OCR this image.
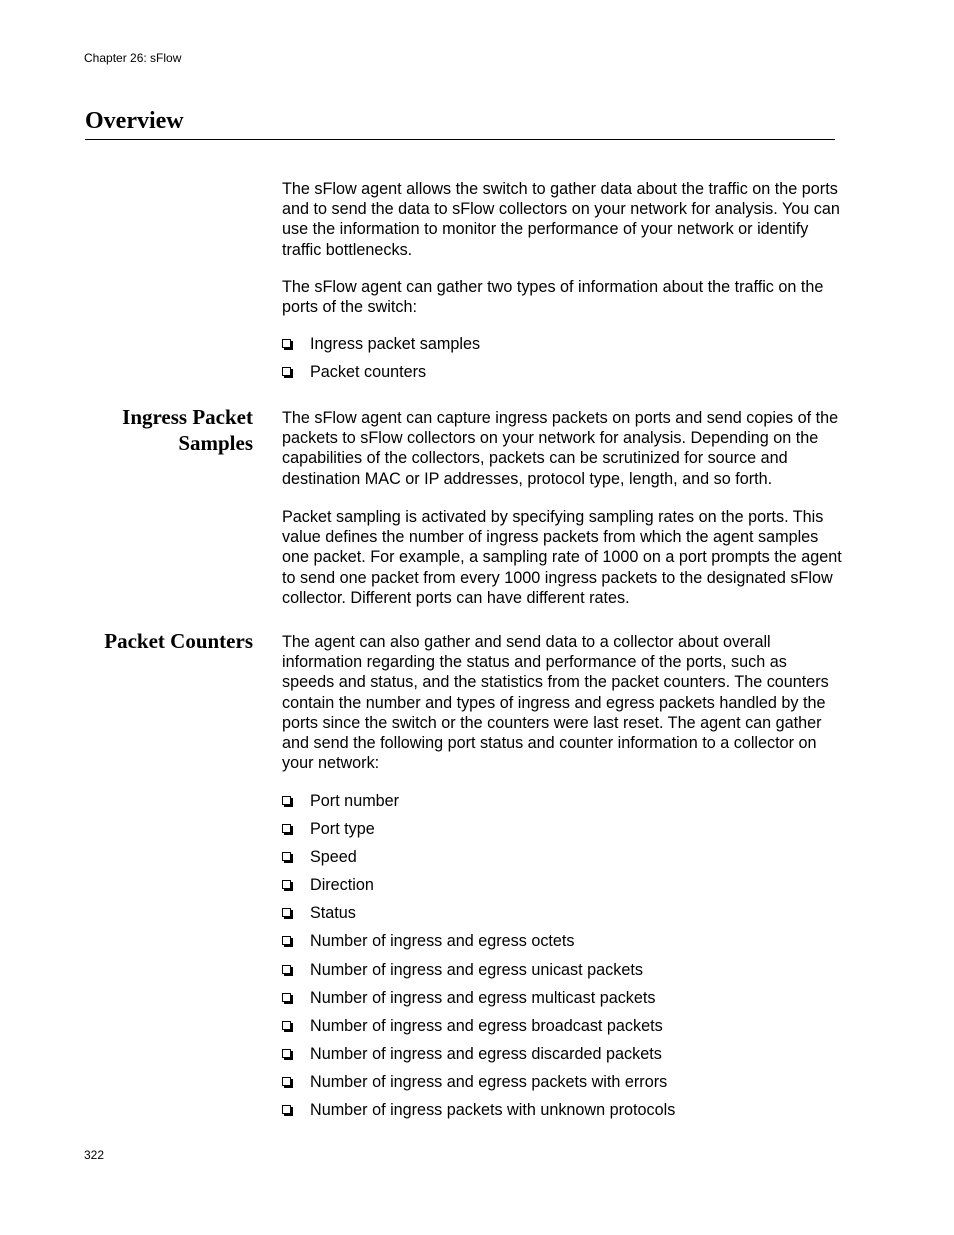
Chapter 26: sFlow
Overview

The sFlow agent allows the switch to gather data about the traffic on the ports and to send the data to sFlow collectors on your network for analysis. You can use the information to monitor the performance of your network or identify traffic bottlenecks.

The sFlow agent can gather two types of information about the traffic on the ports of the switch:

Ingress packet samples
Packet counters
Ingress Packet
Samples

The sFlow agent can capture ingress packets on ports and send copies of the packets to sFlow collectors on your network for analysis. Depending on the capabilities of the collectors, packets can be scrutinized for source and destination MAC or IP addresses, protocol type, length, and so forth.

Packet sampling is activated by specifying sampling rates on the ports. This value defines the number of ingress packets from which the agent samples one packet. For example, a sampling rate of 1000 on a port prompts the agent to send one packet from every 1000 ingress packets to the designated sFlow collector. Different ports can have different rates.

Packet Counters The agent can also gather and send data to a collector about overall information regarding the status and performance of the ports, such as speeds and status, and the statistics from the packet counters. The counters contain the number and types of ingress and egress packets handled by the ports since the switch or the counters were last reset. The agent can gather and send the following port status and counter information to a collector on your network:

Port number
Port type
Speed
Direction
Status
Number of ingress and egress octets
Number of ingress and egress unicast packets
Number of ingress and egress multicast packets
Number of ingress and egress broadcast packets
Number of ingress and egress discarded packets
Number of ingress and egress packets with errors
Number of ingress packets with unknown protocols
322
